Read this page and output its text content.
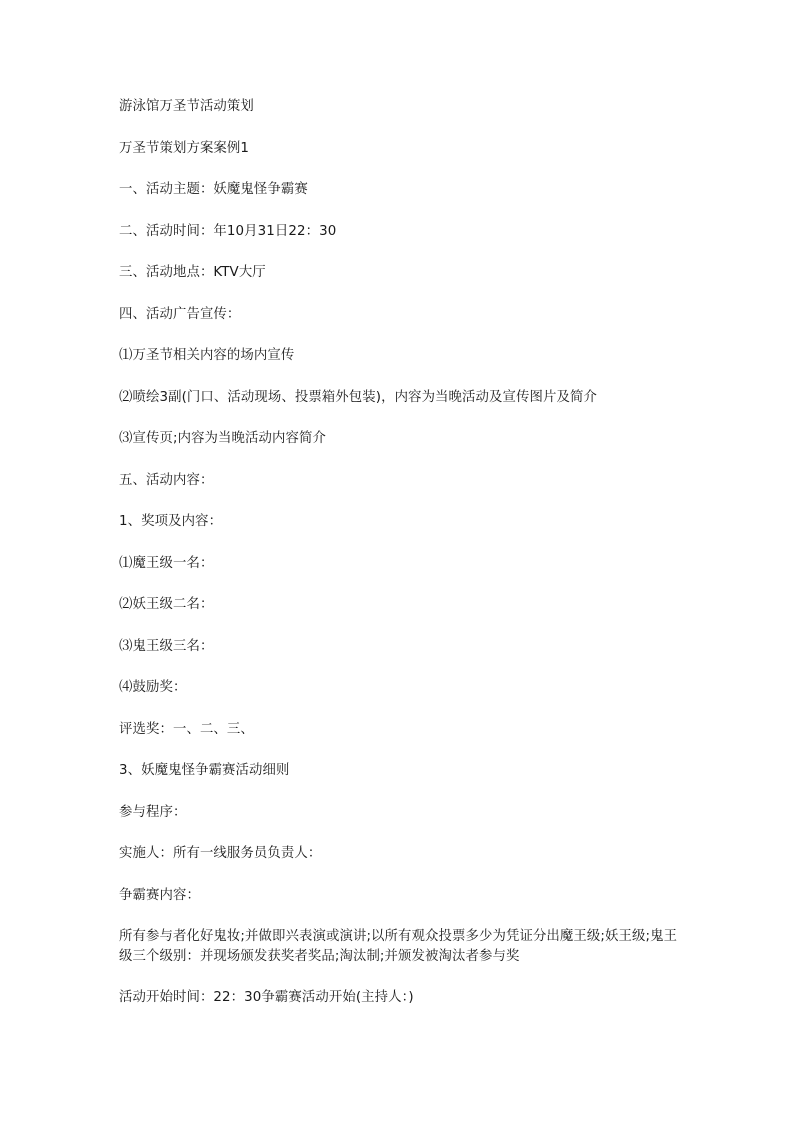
游泳馆万圣节活动策划

万圣节策划方案案例1

一、活动主题：妖魔鬼怪争霸赛

二、活动时间：年10月31日22：30

三、活动地点：KTV大厅

四、活动广告宣传：

⑴万圣节相关内容的场内宣传

⑵喷绘3副(门口、活动现场、投票箱外包装)，内容为当晚活动及宣传图片及简介

⑶宣传页;内容为当晚活动内容简介

五、活动内容：

1、奖项及内容：

⑴魔王级一名：

⑵妖王级二名：

⑶鬼王级三名：

⑷鼓励奖：

评选奖：一、二、三、

3、妖魔鬼怪争霸赛活动细则

参与程序：

实施人：所有一线服务员负责人：

争霸赛内容：

所有参与者化好鬼妆;并做即兴表演或演讲;以所有观众投票多少为凭证分出魔王级;妖王级;鬼王级三个级别：并现场颁发获奖者奖品;淘汰制;并颁发被淘汰者参与奖

活动开始时间：22：30争霸赛活动开始(主持人：)
